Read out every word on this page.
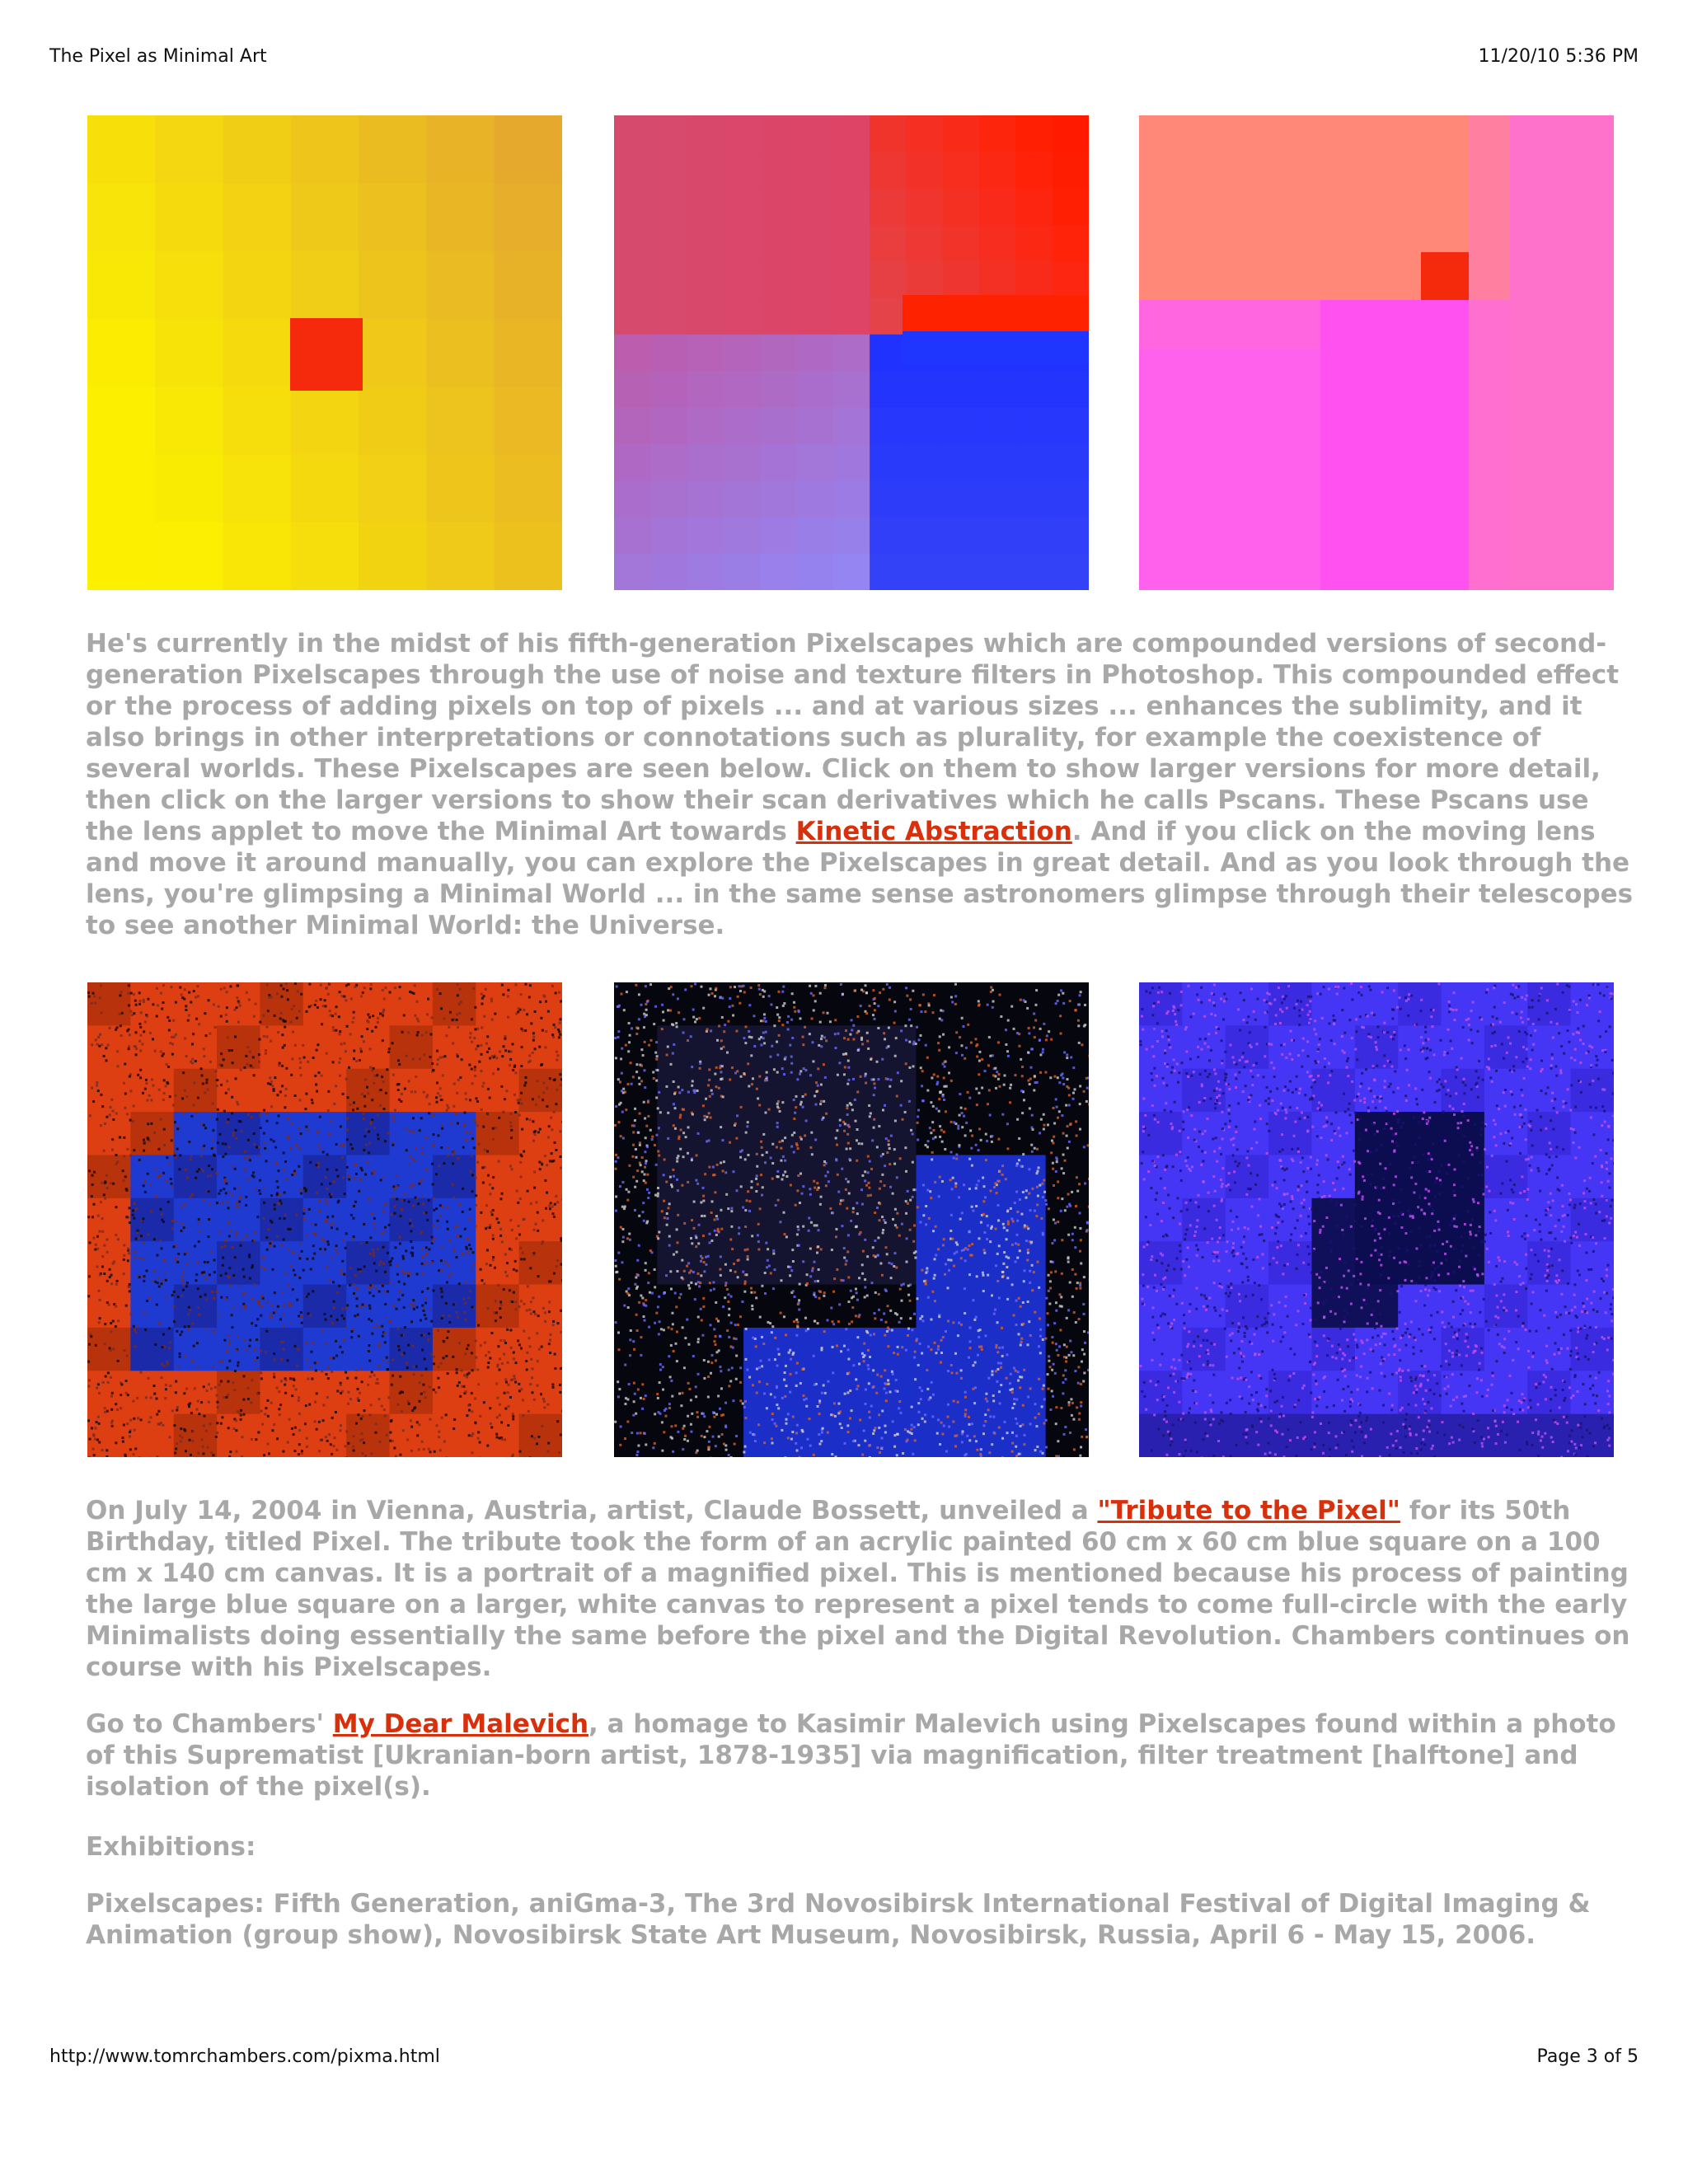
The Pixel as Minimal Art	11/20/10 5:36 PM
He's currently in the midst of his fifth-generation Pixelscapes which are compounded versions of second-generation Pixelscapes through the use of noise and texture filters in Photoshop. This compounded effect or the process of adding pixels on top of pixels ... and at various sizes ... enhances the sublimity, and it also brings in other interpretations or connotations such as plurality, for example the coexistence of several worlds. These Pixelscapes are seen below. Click on them to show larger versions for more detail, then click on the larger versions to show their scan derivatives which he calls Pscans. These Pscans use the lens applet to move the Minimal Art towards Kinetic Abstraction. And if you click on the moving lens and move it around manually, you can explore the Pixelscapes in great detail. And as you look through the lens, you're glimpsing a Minimal World ... in the same sense astronomers glimpse through their telescopes to see another Minimal World: the Universe.
On July 14, 2004 in Vienna, Austria, artist, Claude Bossett, unveiled a "Tribute to the Pixel" for its 50th Birthday, titled Pixel. The tribute took the form of an acrylic painted 60 cm x 60 cm blue square on a 100 cm x 140 cm canvas. It is a portrait of a magnified pixel. This is mentioned because his process of painting the large blue square on a larger, white canvas to represent a pixel tends to come full-circle with the early Minimalists doing essentially the same before the pixel and the Digital Revolution. Chambers continues on course with his Pixelscapes.
Go to Chambers' My Dear Malevich, a homage to Kasimir Malevich using Pixelscapes found within a photo of this Suprematist [Ukranian-born artist, 1878-1935] via magnification, filter treatment [halftone] and isolation of the pixel(s).
Exhibitions:
Pixelscapes: Fifth Generation, aniGma-3, The 3rd Novosibirsk International Festival of Digital Imaging & Animation (group show), Novosibirsk State Art Museum, Novosibirsk, Russia, April 6 - May 15, 2006.
http://www.tomrchambers.com/pixma.html	Page 3 of 5
